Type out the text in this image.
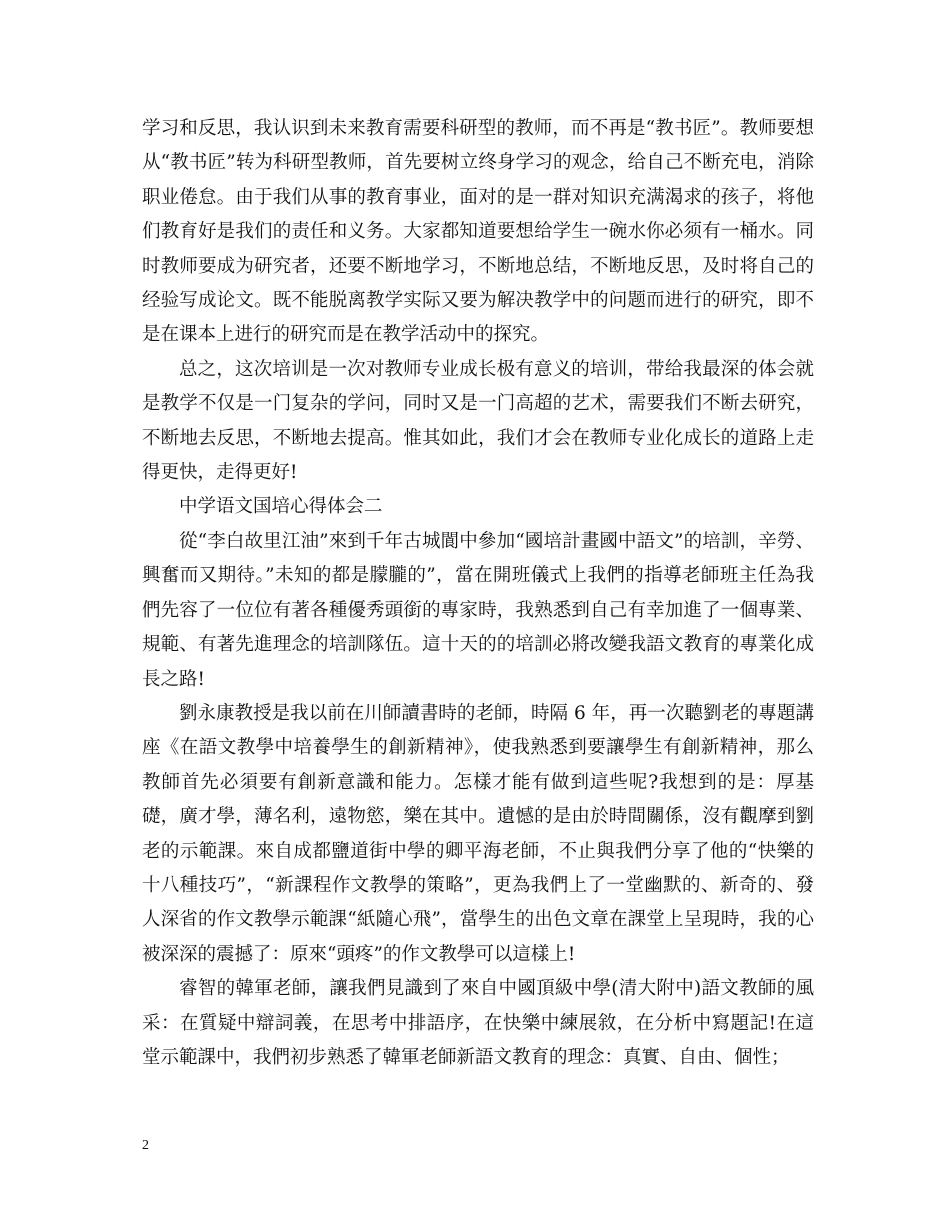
学习和反思，我认识到未来教育需要科研型的教师，而不再是“教书匠”。教师要想从“教书匠”转为科研型教师，首先要树立终身学习的观念，给自己不断充电，消除职业倦怠。由于我们从事的教育事业，面对的是一群对知识充满渴求的孩子，将他们教育好是我们的责任和义务。大家都知道要想给学生一碗水你必须有一桶水。同时教师要成为研究者，还要不断地学习，不断地总结，不断地反思，及时将自己的经验写成论文。既不能脱离教学实际又要为解决教学中的问题而进行的研究，即不是在课本上进行的研究而是在教学活动中的探究。

总之，这次培训是一次对教师专业成长极有意义的培训，带给我最深的体会就是教学不仅是一门复杂的学问，同时又是一门高超的艺术，需要我们不断去研究，不断地去反思，不断地去提高。惟其如此，我们才会在教师专业化成长的道路上走得更快，走得更好!

中学语文国培心得体会二

從“李白故里江油”來到千年古城閬中參加“國培計畫國中語文”的培訓，辛勞、興奮而又期待。”未知的都是朦朧的”，當在開班儀式上我們的指導老師班主任為我們先容了一位位有著各種優秀頭銜的專家時，我熟悉到自己有幸加進了一個專業、規範、有著先進理念的培訓隊伍。這十天的的培訓必將改變我語文教育的專業化成長之路!

劉永康教授是我以前在川師讀書時的老師，時隔 6 年，再一次聽劉老的專題講座《在語文教學中培養學生的創新精神》，使我熟悉到要讓學生有創新精神，那么教師首先必須要有創新意識和能力。怎樣才能有做到這些呢?我想到的是：厚基礎，廣才學，薄名利，遠物慾，樂在其中。遺憾的是由於時間關係，沒有觀摩到劉老的示範課。來自成都鹽道街中學的卿平海老師，不止與我們分享了他的“快樂的十八種技巧”，“新課程作文教學的策略”，更為我們上了一堂幽默的、新奇的、發人深省的作文教學示範課“紙隨心飛”，當學生的出色文章在課堂上呈現時，我的心被深深的震撼了：原來“頭疼”的作文教學可以這樣上!

睿智的韓軍老師，讓我們見識到了來自中國頂級中學(清大附中)語文教師的風采：在質疑中辯詞義，在思考中排語序，在快樂中練展敘，在分析中寫題記!在這堂示範課中，我們初步熟悉了韓軍老師新語文教育的理念：真實、自由、個性；

2
